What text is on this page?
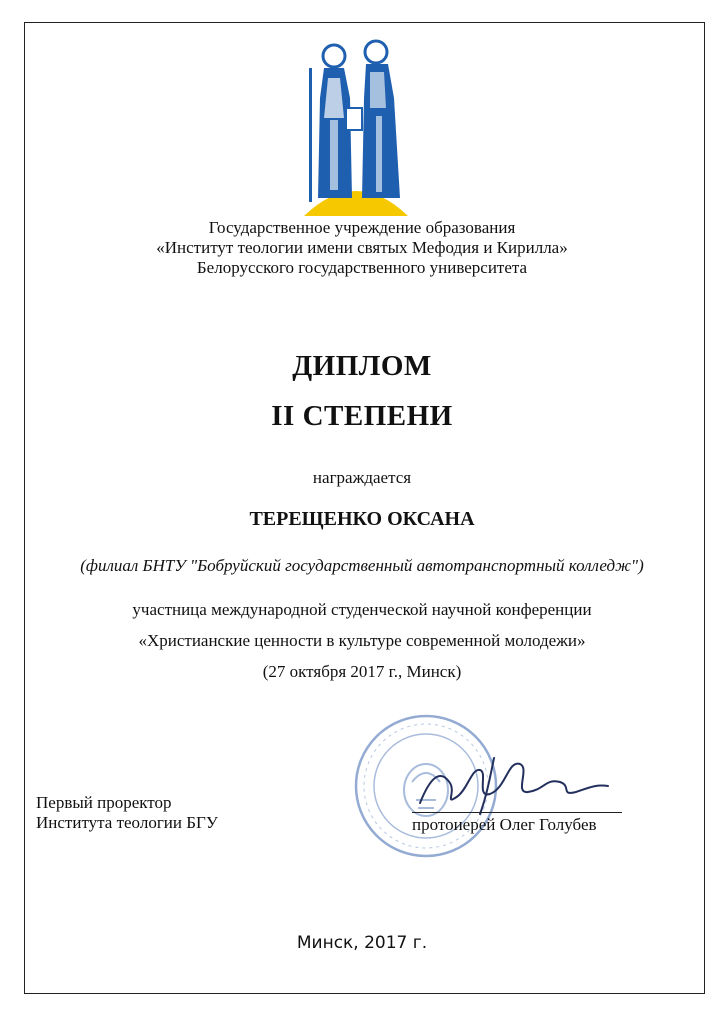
Государственное учреждение образования
«Институт теологии имени святых Мефодия и Кирилла»
Белорусского государственного университета
ДИПЛОМ
II СТЕПЕНИ
награждается
ТЕРЕЩЕНКО ОКСАНА
(филиал БНТУ "Бобруйский государственный автотранспортный колледж")
участница международной студенческой научной конференции
«Христианские ценности в культуре современной молодежи»
(27 октября 2017 г., Минск)
Первый проректор
Института теологии БГУ	протоиерей Олег Голубев
Минск, 2017 г.
